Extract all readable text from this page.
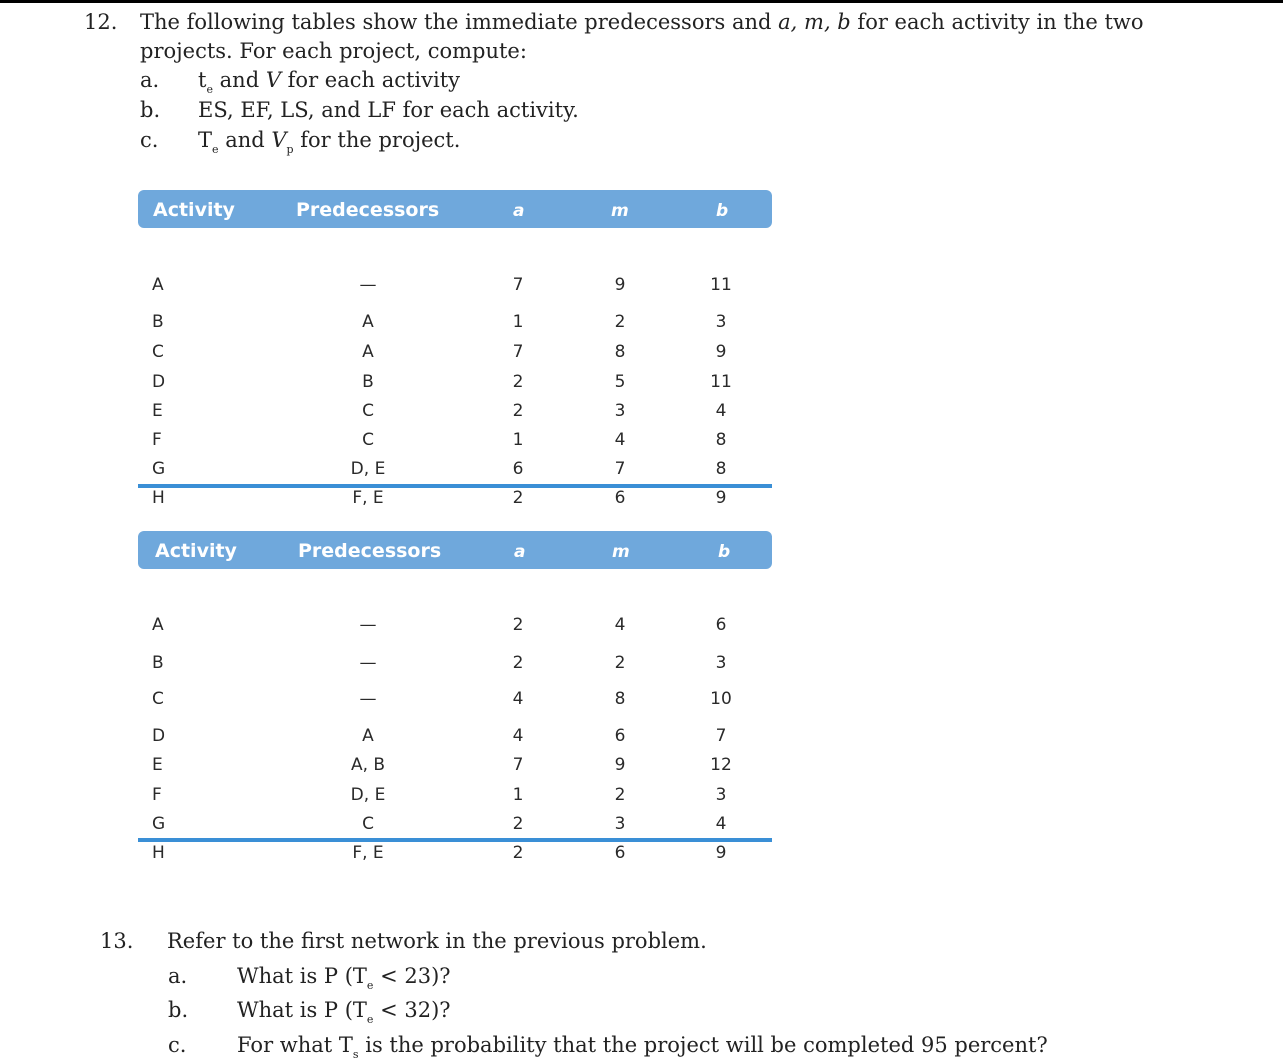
12. The following tables show the immediate predecessors and a, m, b for each activity in the two
projects. For each project, compute:
a. $t_e$ and V for each activity
b. ES, EF, LS, and LF for each activity.
c. $T_e$ and $V_p$ for the project.
Activity	Predecessors	a	m	b
A	—	7	9	11
B	A	1	2	3
C	A	7	8	9
D	B	2	5	11
E	C	2	3	4
F	C	1	4	8
G	D, E	6	7	8
H	F, E	2	6	9
Activity	Predecessors	a	m	b
A	—	2	4	6
B	—	2	2	3
C	—	4	8	10
D	A	4	6	7
E	A, B	7	9	12
F	D, E	1	2	3
G	C	2	3	4
H	F, E	2	6	9
13. Refer to the first network in the previous problem.
a. What is P $(T_e < 23)$?
b. What is P $(T_e < 32)$?
c. For what $T_s$ is the probability that the project will be completed 95 percent?
